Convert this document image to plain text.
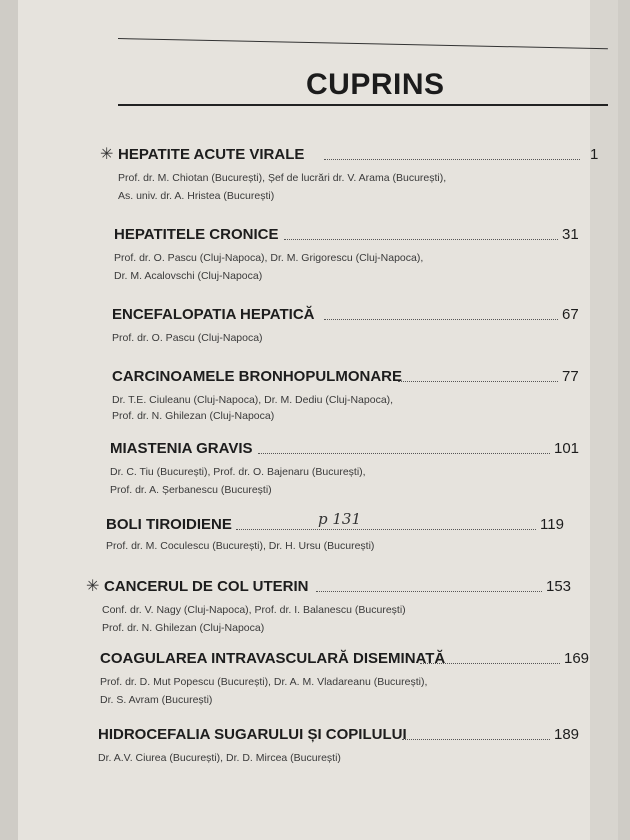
CUPRINS
✳ HEPATITE ACUTE VIRALE	1
Prof. dr. M. Chiotan (București), Șef de lucrări dr. V. Arama (București),
As. univ. dr. A. Hristea (București)
HEPATITELE CRONICE	31
Prof. dr. O. Pascu (Cluj-Napoca), Dr. M. Grigorescu (Cluj-Napoca),
Dr. M. Acalovschi (Cluj-Napoca)
ENCEFALOPATIA HEPATICĂ	67
Prof. dr. O. Pascu (Cluj-Napoca)
CARCINOAMELE BRONHOPULMONARE	77
Dr. T.E. Ciuleanu (Cluj-Napoca), Dr. M. Dediu (Cluj-Napoca),
Prof. dr. N. Ghilezan (Cluj-Napoca)
MIASTENIA GRAVIS	101
Dr. C. Tiu (București), Prof. dr. O. Bajenaru (București),
Prof. dr. A. Șerbanescu (București)
p 131
BOLI TIROIDIENE	119
Prof. dr. M. Coculescu (București), Dr. H. Ursu (București)
✳ CANCERUL DE COL UTERIN	153
Conf. dr. V. Nagy (Cluj-Napoca), Prof. dr. I. Balanescu (București)
Prof. dr. N. Ghilezan (Cluj-Napoca)
COAGULAREA INTRAVASCULARĂ DISEMINATĂ	169
Prof. dr. D. Mut Popescu (București), Dr. A. M. Vladareanu (București),
Dr. S. Avram (București)
HIDROCEFALIA SUGARULUI ȘI COPILULUI	189
Dr. A.V. Ciurea (București), Dr. D. Mircea (București)
